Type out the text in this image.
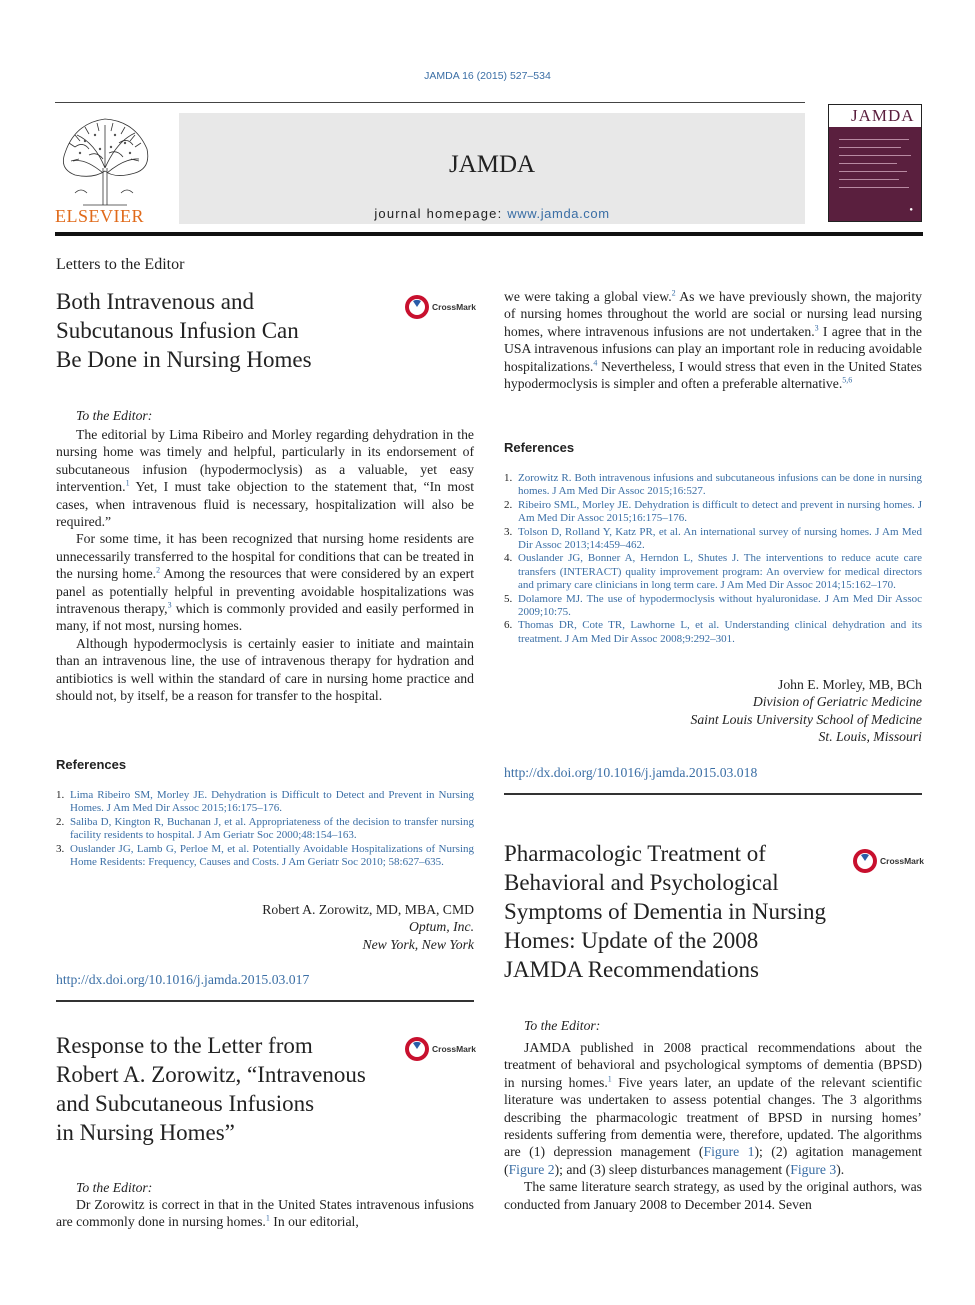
JAMDA 16 (2015) 527–534
ELSEVIER
JAMDA
journal homepage: www.jamda.com
JAMDA
●
Letters to the Editor
Both Intravenous and
Subcutanous Infusion Can
Be Done in Nursing Homes
CrossMark
To the Editor:

The editorial by Lima Ribeiro and Morley regarding dehydration in the nursing home was timely and helpful, particularly in its endorsement of subcutaneous infusion (hypodermoclysis) as a valuable, yet easy intervention.$^1$ Yet, I must take objection to the statement that, “In most cases, when intravenous fluid is necessary, hospitalization will also be required.”

For some time, it has been recognized that nursing home residents are unnecessarily transferred to the hospital for conditions that can be treated in the nursing home.$^2$ Among the resources that were considered by an expert panel as potentially helpful in preventing avoidable hospitalizations was intravenous therapy,$^3$ which is commonly provided and easily performed in many, if not most, nursing homes.

Although hypodermoclysis is certainly easier to initiate and maintain than an intravenous line, the use of intravenous therapy for hydration and antibiotics is well within the standard of care in nursing home practice and should not, by itself, be a reason for transfer to the hospital.

References
1. Lima Ribeiro SM, Morley JE. Dehydration is Difficult to Detect and Prevent in Nursing Homes. J Am Med Dir Assoc 2015;16:175–176.
2. Saliba D, Kington R, Buchanan J, et al. Appropriateness of the decision to transfer nursing facility residents to hospital. J Am Geriatr Soc 2000;48:154–163.
3. Ouslander JG, Lamb G, Perloe M, et al. Potentially Avoidable Hospitalizations of Nursing Home Residents: Frequency, Causes and Costs. J Am Geriatr Soc 2010; 58:627–635.
Robert A. Zorowitz, MD, MBA, CMD
Optum, Inc.
New York, New York
http://dx.doi.org/10.1016/j.jamda.2015.03.017
Response to the Letter from
Robert A. Zorowitz, “Intravenous
and Subcutaneous Infusions
in Nursing Homes”
CrossMark
To the Editor:

Dr Zorowitz is correct in that in the United States intravenous infusions are commonly done in nursing homes.$^1$ In our editorial,

we were taking a global view.$^2$ As we have previously shown, the majority of nursing homes throughout the world are social or nursing lead nursing homes, where intravenous infusions are not undertaken.$^3$ I agree that in the USA intravenous infusions can play an important role in reducing avoidable hospitalizations.$^4$ Nevertheless, I would stress that even in the United States hypodermoclysis is simpler and often a preferable alternative.$^{5,6}$

References
1. Zorowitz R. Both intravenous infusions and subcutaneous infusions can be done in nursing homes. J Am Med Dir Assoc 2015;16:527.
2. Ribeiro SML, Morley JE. Dehydration is difficult to detect and prevent in nursing homes. J Am Med Dir Assoc 2015;16:175–176.
3. Tolson D, Rolland Y, Katz PR, et al. An international survey of nursing homes. J Am Med Dir Assoc 2013;14:459–462.
4. Ouslander JG, Bonner A, Herndon L, Shutes J. The interventions to reduce acute care transfers (INTERACT) quality improvement program: An overview for medical directors and primary care clinicians in long term care. J Am Med Dir Assoc 2014;15:162–170.
5. Dolamore MJ. The use of hypodermoclysis without hyaluronidase. J Am Med Dir Assoc 2009;10:75.
6. Thomas DR, Cote TR, Lawhorne L, et al. Understanding clinical dehydration and its treatment. J Am Med Dir Assoc 2008;9:292–301.
John E. Morley, MB, BCh
Division of Geriatric Medicine
Saint Louis University School of Medicine
St. Louis, Missouri
http://dx.doi.org/10.1016/j.jamda.2015.03.018
Pharmacologic Treatment of
Behavioral and Psychological
Symptoms of Dementia in Nursing
Homes: Update of the 2008
JAMDA Recommendations
CrossMark
To the Editor:

JAMDA published in 2008 practical recommendations about the treatment of behavioral and psychological symptoms of dementia (BPSD) in nursing homes.$^1$ Five years later, an update of the relevant scientific literature was undertaken to assess potential changes. The 3 algorithms describing the pharmacologic treatment of BPSD in nursing homes’ residents suffering from dementia were, therefore, updated. The algorithms are (1) depression management (Figure 1); (2) agitation management (Figure 2); and (3) sleep disturbances management (Figure 3).

The same literature search strategy, as used by the original authors, was conducted from January 2008 to December 2014. Seven
